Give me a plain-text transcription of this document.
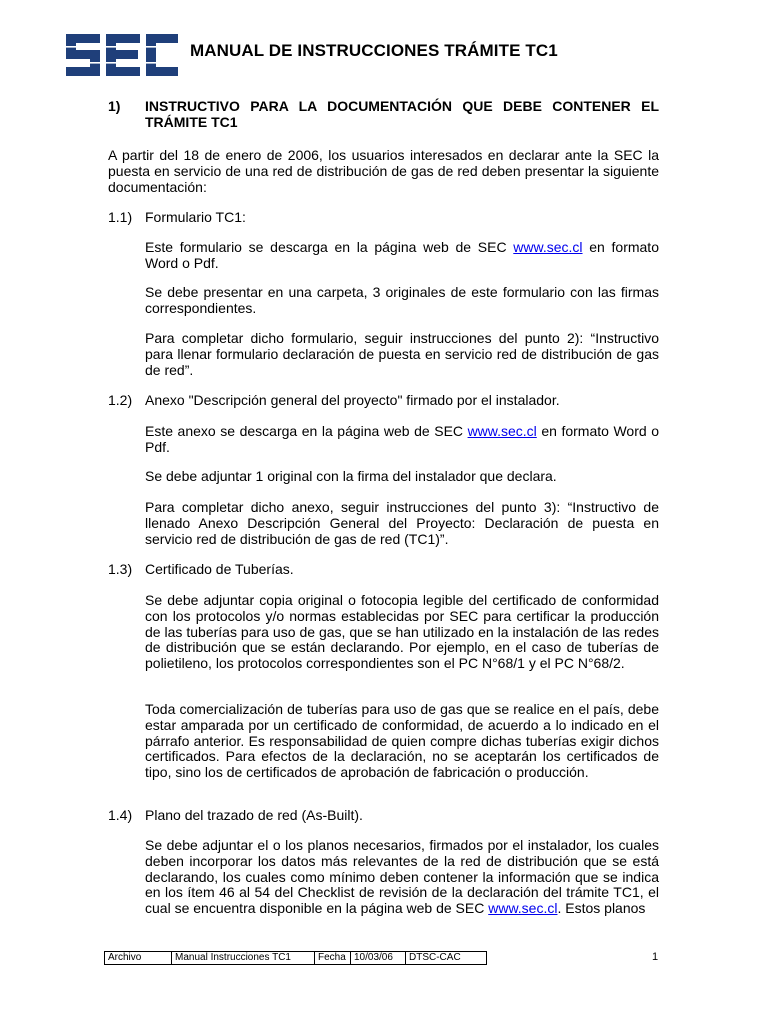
MANUAL DE INSTRUCCIONES TRÁMITE TC1
1) INSTRUCTIVO PARA LA DOCUMENTACIÓN QUE DEBE CONTENER EL TRÁMITE TC1
A partir del 18 de enero de 2006, los usuarios interesados en declarar ante la SEC la puesta en servicio de una red de distribución de gas de red deben presentar la siguiente documentación:
1.1) Formulario TC1:
Este formulario se descarga en la página web de SEC www.sec.cl en formato Word o Pdf.
Se debe presentar en una carpeta, 3 originales de este formulario con las firmas correspondientes.
Para completar dicho formulario, seguir instrucciones del punto 2): “Instructivo para llenar formulario declaración de puesta en servicio red de distribución de gas de red”.
1.2) Anexo "Descripción general del proyecto" firmado por el instalador.
Este anexo se descarga en la página web de SEC www.sec.cl en formato Word o Pdf.
Se debe adjuntar 1 original con la firma del instalador que declara.
Para completar dicho anexo, seguir instrucciones del punto 3): “Instructivo de llenado Anexo Descripción General del Proyecto: Declaración de puesta en servicio red de distribución de gas de red (TC1)”.
1.3) Certificado de Tuberías.
Se debe adjuntar copia original o fotocopia legible del certificado de conformidad con los protocolos y/o normas establecidas por SEC para certificar la producción de las tuberías para uso de gas, que se han utilizado en la instalación de las redes de distribución que se están declarando. Por ejemplo, en el caso de tuberías de polietileno, los protocolos correspondientes son el PC N°68/1 y el PC N°68/2.
Toda comercialización de tuberías para uso de gas que se realice en el país, debe estar amparada por un certificado de conformidad, de acuerdo a lo indicado en el párrafo anterior. Es responsabilidad de quien compre dichas tuberías exigir dichos certificados. Para efectos de la declaración, no se aceptarán los certificados de tipo, sino los de certificados de aprobación de fabricación o producción.
1.4) Plano del trazado de red (As-Built).
Se debe adjuntar el o los planos necesarios, firmados por el instalador, los cuales deben incorporar los datos más relevantes de la red de distribución que se está declarando, los cuales como mínimo deben contener la información que se indica en los ítem 46 al 54 del Checklist de revisión de la declaración del trámite TC1, el cual se encuentra disponible en la página web de SEC www.sec.cl. Estos planos
Archivo	Manual Instrucciones TC1	Fecha	10/03/06	DTSC-CAC	1
